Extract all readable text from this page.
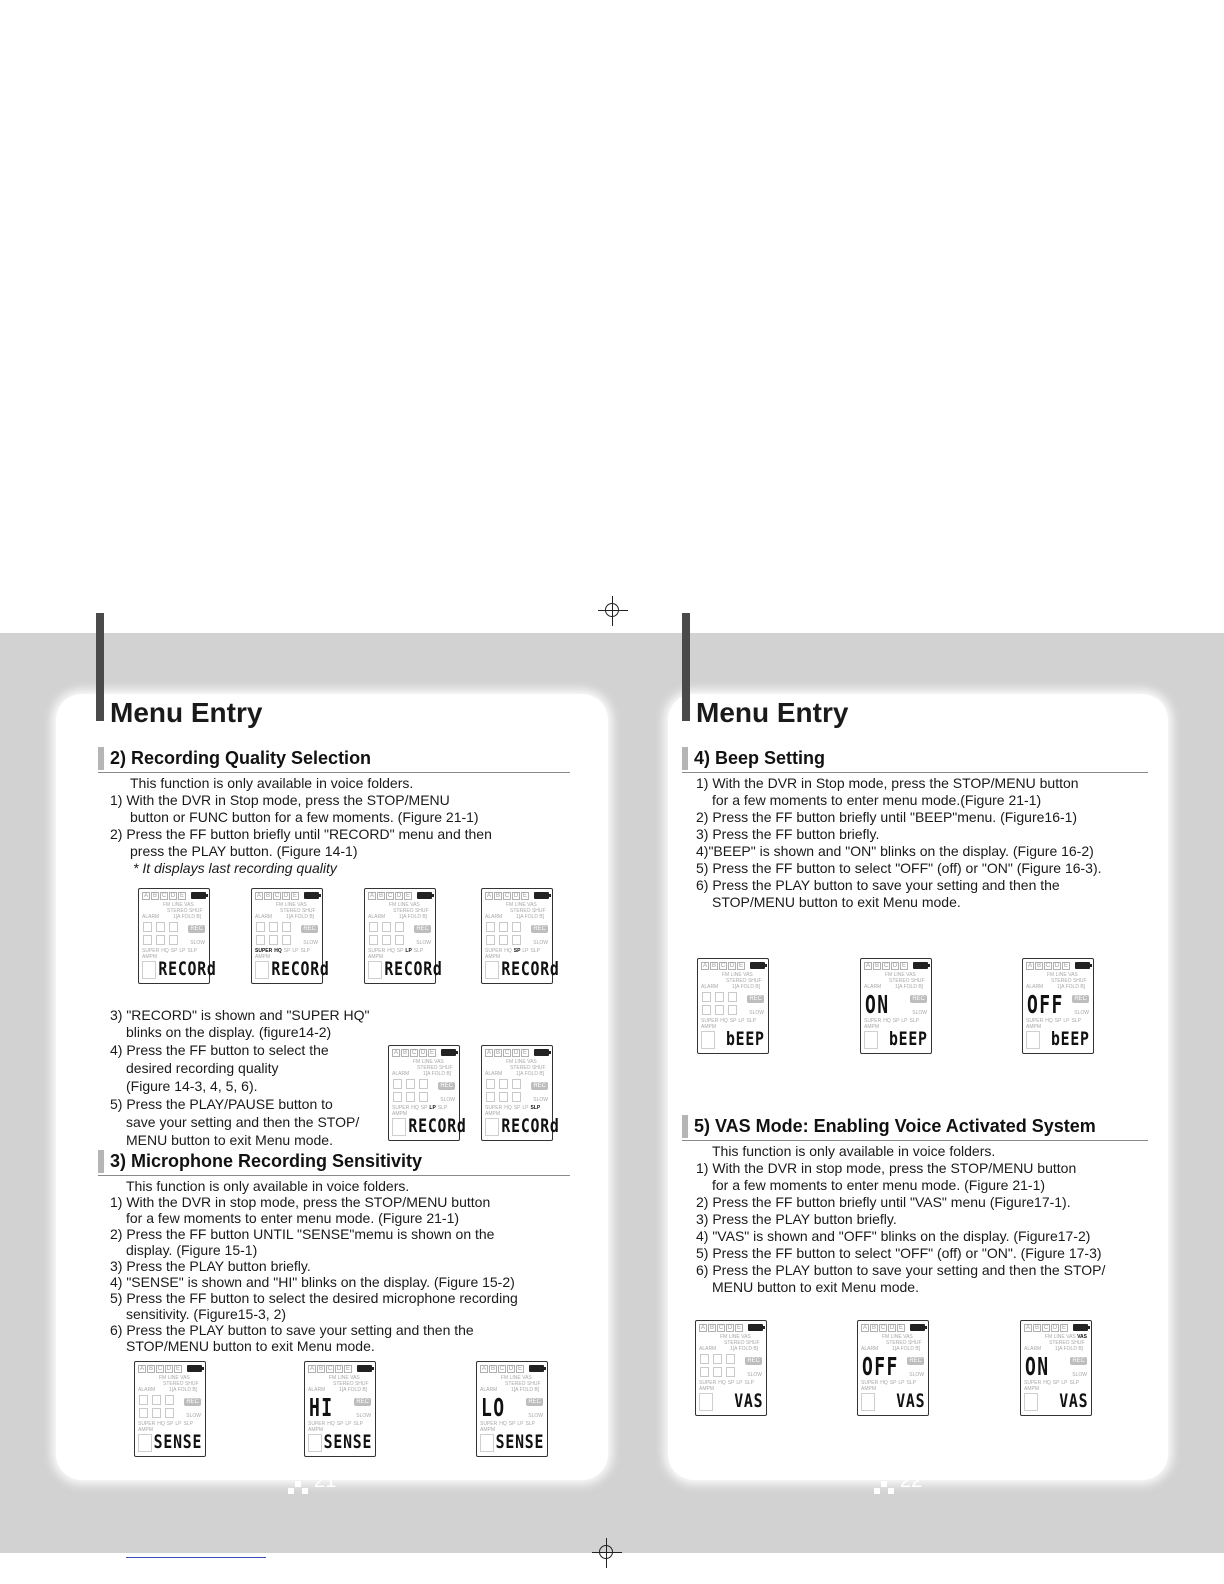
Menu Entry
2) Recording Quality Selection
This function is only available in voice folders.
1) With the DVR in Stop mode, press the STOP/MENU
button or FUNC button for a few moments. (Figure 21-1)
2) Press the FF button briefly until "RECORD" menu and then
press the PLAY button. (Figure 14-1)
* It displays last recording quality
A B C D E
FM LINE VAS
STEREO SHUF
ALARM	1[A FOLD B]
REC
SLOW
SUPER HQ SP LP SLP
AMPM
RECORd
A B C D E
FM LINE VAS
STEREO SHUF
ALARM	1[A FOLD B]
REC
SLOW
SUPER HQ SP LP SLP
AMPM
RECORd
A B C D E
FM LINE VAS
STEREO SHUF
ALARM	1[A FOLD B]
REC
SLOW
SUPER HQ SP LP SLP
AMPM
RECORd
A B C D E
FM LINE VAS
STEREO SHUF
ALARM	1[A FOLD B]
REC
SLOW
SUPER HQ SP LP SLP
AMPM
RECORd
3) "RECORD" is shown and "SUPER HQ"
blinks on the display. (figure14-2)
4) Press the FF button to select the
desired recording quality
(Figure 14-3, 4, 5, 6).
5) Press the PLAY/PAUSE button to
save your setting and then the STOP/
MENU button to exit Menu mode.
A B C D E
FM LINE VAS
STEREO SHUF
ALARM	1[A FOLD B]
REC
SLOW
SUPER HQ SP LP SLP
AMPM
RECORd
A B C D E
FM LINE VAS
STEREO SHUF
ALARM	1[A FOLD B]
REC
SLOW
SUPER HQ SP LP SLP
AMPM
RECORd
3) Microphone Recording Sensitivity
This function is only available in voice folders.
1) With the DVR in stop mode, press the STOP/MENU button
for a few moments to enter menu mode. (Figure 21-1)
2) Press the FF button UNTIL "SENSE"memu is shown on the
display. (Figure 15-1)
3) Press the PLAY button briefly.
4) "SENSE" is shown and "HI" blinks on the display. (Figure 15-2)
5) Press the FF button to select the desired microphone recording
sensitivity. (Figure15-3, 2)
6) Press the PLAY button to save your setting and then the
STOP/MENU button to exit Menu mode.
A B C D E
FM LINE VAS
STEREO SHUF
ALARM	1[A FOLD B]
REC
SLOW
SUPER HQ SP LP SLP
AMPM
SENSE
A B C D E
FM LINE VAS
STEREO SHUF
ALARM	1[A FOLD B]
REC
SLOW
SUPER HQ SP LP SLP
AMPM
HI
SENSE
A B C D E
FM LINE VAS
STEREO SHUF
ALARM	1[A FOLD B]
REC
SLOW
SUPER HQ SP LP SLP
AMPM
LO
SENSE
21
Menu Entry
4) Beep Setting
1) With the DVR in Stop mode, press the STOP/MENU button
for a few moments to enter menu mode.(Figure 21-1)
2) Press the FF button briefly until "BEEP"menu. (Figure16-1)
3) Press the FF button briefly.
4)"BEEP" is shown and "ON" blinks on the display. (Figure 16-2)
5) Press the FF button to select "OFF" (off) or "ON" (Figure 16-3).
6) Press the PLAY button to save your setting and then the
STOP/MENU button to exit Menu mode.
A B C D E
FM LINE VAS
STEREO SHUF
ALARM	1[A FOLD B]
REC
SLOW
SUPER HQ SP LP SLP
AMPM
bEEP
A B C D E
FM LINE VAS
STEREO SHUF
ALARM	1[A FOLD B]
REC
SLOW
SUPER HQ SP LP SLP
AMPM
ON
bEEP
A B C D E
FM LINE VAS
STEREO SHUF
ALARM	1[A FOLD B]
REC
SLOW
SUPER HQ SP LP SLP
AMPM
OFF
bEEP
5) VAS Mode: Enabling Voice Activated System
This function is only available in voice folders.
1) With the DVR in stop mode, press the STOP/MENU button
for a few moments to enter menu mode. (Figure 21-1)
2) Press the FF button briefly until "VAS" menu (Figure17-1).
3) Press the PLAY button briefly.
4) "VAS" is shown and "OFF" blinks on the display. (Figure17-2)
5) Press the FF button to select "OFF" (off) or "ON". (Figure 17-3)
6) Press the PLAY button to save your setting and then the STOP/
MENU button to exit Menu mode.
A B C D E
FM LINE VAS
STEREO SHUF
ALARM	1[A FOLD B]
REC
SLOW
SUPER HQ SP LP SLP
AMPM
VAS
A B C D E
FM LINE VAS
STEREO SHUF
ALARM	1[A FOLD B]
REC
SLOW
SUPER HQ SP LP SLP
AMPM
OFF
VAS
A B C D E
FM LINE VAS
STEREO SHUF
ALARM	1[A FOLD B]
REC
SLOW
SUPER HQ SP LP SLP
AMPM
VAS
ON
VAS
22
